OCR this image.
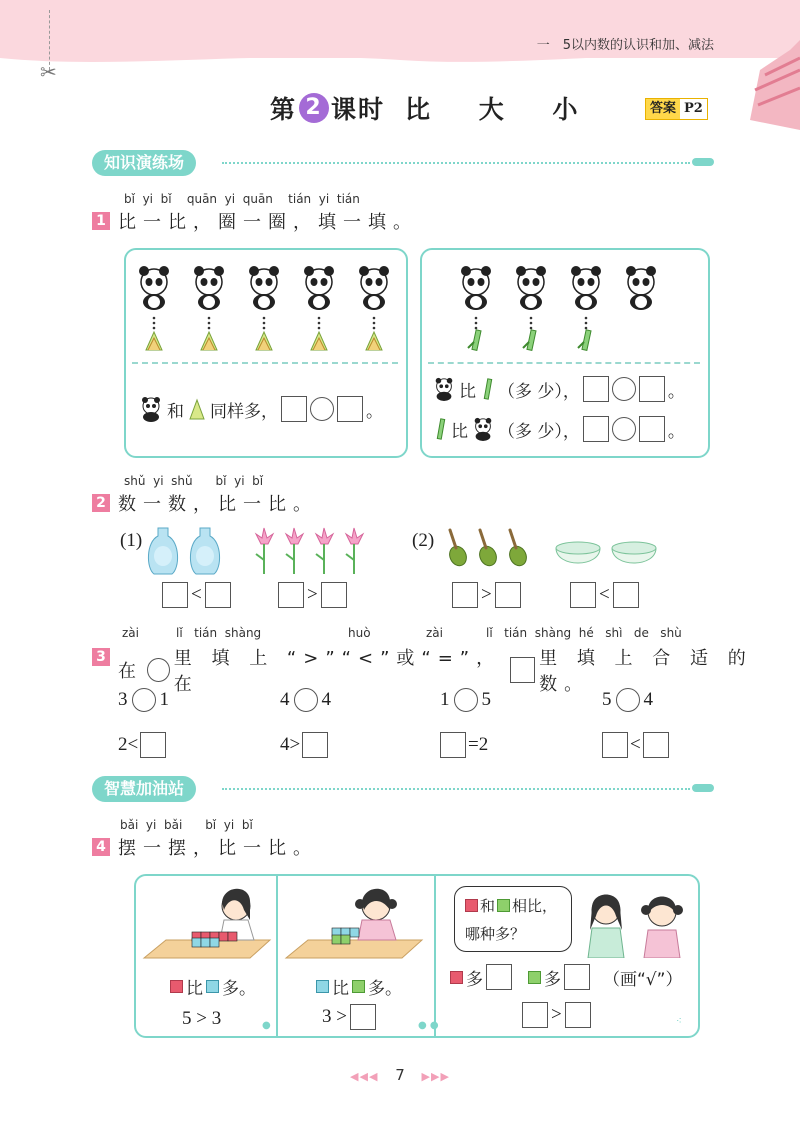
一　5以内数的认识和加、减法
✂
第 2 课时 比 大 小	答案 P2
知识演练场
bǐ  yi  bǐ    quān  yi  quān    tián  yi  tián
1 比一比，圈一圈，填一填。
和 同样多，	。
比 （多 少），	。
比 （多 少），	。
shǔ  yi  shǔ      bǐ  yi  bǐ
2 数一数，比一比。
(1)
<	>
(2)
>	<
zài	lǐ   tián  shàng	huò	zài	lǐ   tián  shàng  hé   shì   de   shù
3
在
里 填 上 “>”“<”或“=”，在
里 填 上 合 适 的 数。
3 1	4 4	1 5	5 4
2<	4>	=2	<
智慧加油站
bǎi  yi  bǎi      bǐ  yi  bǐ
4 摆一摆，比一比。
比 多。
5 > 3	●
比 多。
3 >	● ●
和 相比，
哪种多？
多	多 （画“√”）
>	⁖
◀◀◀ 7 ▶▶▶
